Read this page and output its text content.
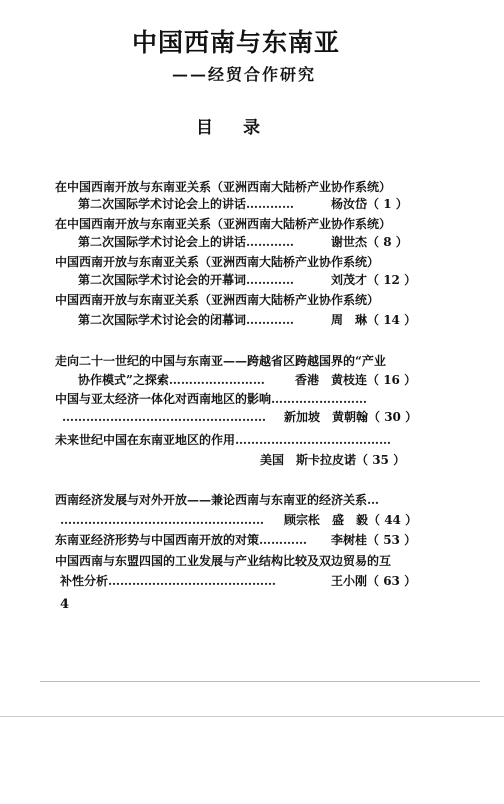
中国西南与东南亚
——经贸合作研究
目 录
在中国西南开放与东南亚关系（亚洲西南大陆桥产业协作系统）
第二次国际学术讨论会上的讲话…………	杨汝岱（ 1 ）
在中国西南开放与东南亚关系（亚洲西南大陆桥产业协作系统）
第二次国际学术讨论会上的讲话…………	谢世杰（ 8 ）
中国西南开放与东南亚关系（亚洲西南大陆桥产业协作系统）
第二次国际学术讨论会的开幕词…………	刘茂才（ 12 ）
中国西南开放与东南亚关系（亚洲西南大陆桥产业协作系统）
第二次国际学术讨论会的闭幕词…………	周　琳（ 14 ）
走向二十一世纪的中国与东南亚——跨越省区跨越国界的“产业
协作模式”之探索……………………	香港　黄枝连（ 16 ）
中国与亚太经济一体化对西南地区的影响……………………
…………………………………………… 新加坡　黄朝翰（ 30 ）
未来世纪中国在东南亚地区的作用…………………………………
美国　斯卡拉皮诺（ 35 ）
西南经济发展与对外开放——兼论西南与东南亚的经济关系…
…………………………………………… 顾宗枨　盛　毅（ 44 ）
东南亚经济形势与中国西南开放的对策………… 李树桂（ 53 ）
中国西南与东盟四国的工业发展与产业结构比较及双边贸易的互
补性分析……………………………………	王小刚（ 63 ）
4
